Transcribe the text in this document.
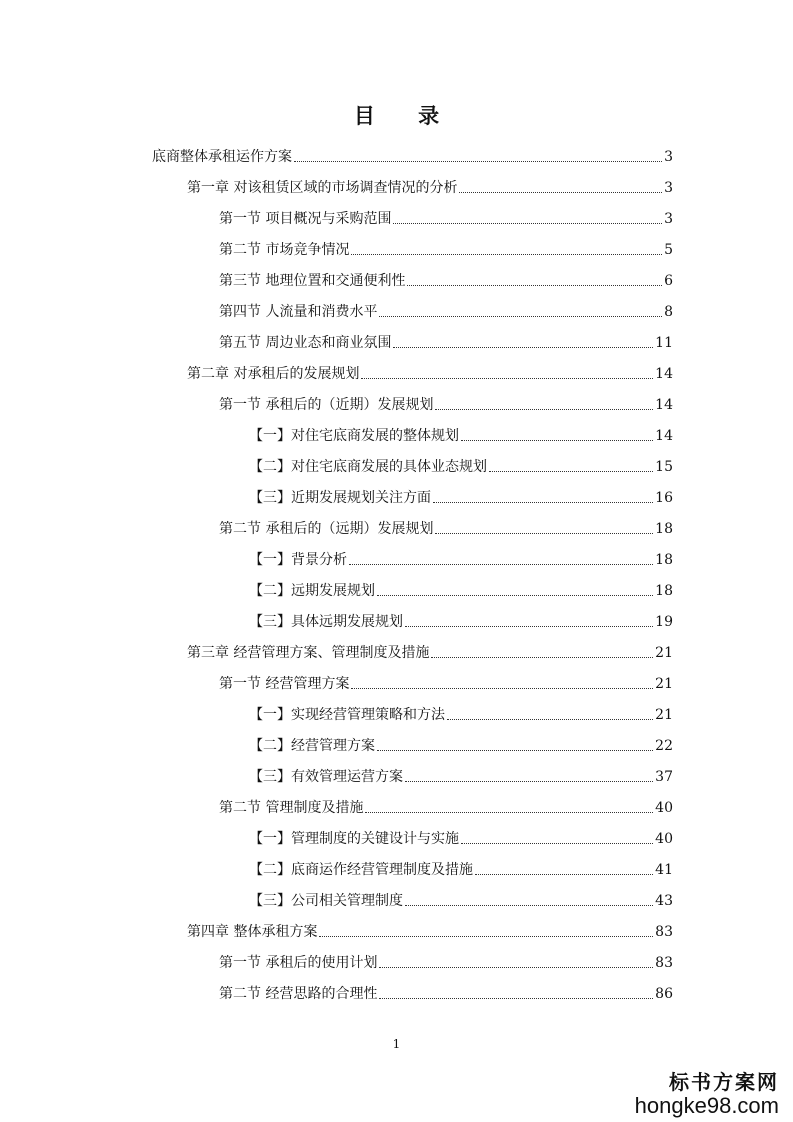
目 录
底商整体承租运作方案	3
第一章 对该租赁区域的市场调查情况的分析	3
第一节 项目概况与采购范围	3
第二节 市场竞争情况	5
第三节 地理位置和交通便利性	6
第四节 人流量和消费水平	8
第五节 周边业态和商业氛围	11
第二章 对承租后的发展规划	14
第一节 承租后的（近期）发展规划	14
【一】对住宅底商发展的整体规划	14
【二】对住宅底商发展的具体业态规划	15
【三】近期发展规划关注方面	16
第二节 承租后的（远期）发展规划	18
【一】背景分析	18
【二】远期发展规划	18
【三】具体远期发展规划	19
第三章 经营管理方案、管理制度及措施	21
第一节 经营管理方案	21
【一】实现经营管理策略和方法	21
【二】经营管理方案	22
【三】有效管理运营方案	37
第二节 管理制度及措施	40
【一】管理制度的关键设计与实施	40
【二】底商运作经营管理制度及措施	41
【三】公司相关管理制度	43
第四章 整体承租方案	83
第一节 承租后的使用计划	83
第二节 经营思路的合理性	86
1
标书方案网
hongke98.com
